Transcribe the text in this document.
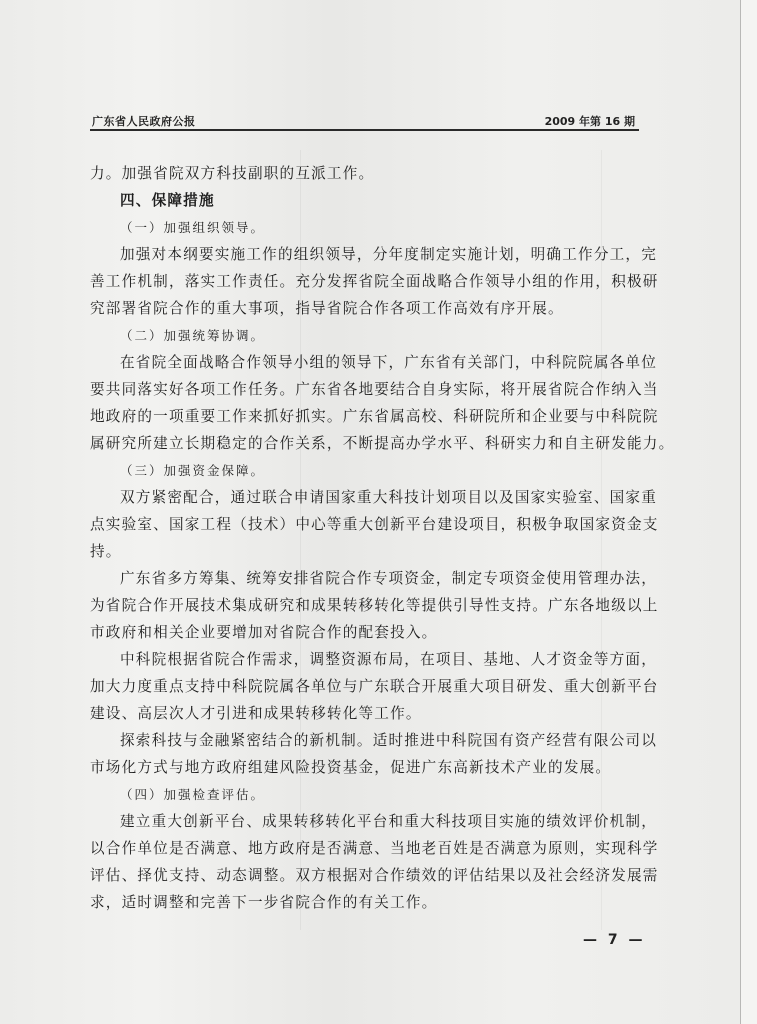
广东省人民政府公报	2009 年第 16 期
力。加强省院双方科技副职的互派工作。
四、保障措施
（一）加强组织领导。
加强对本纲要实施工作的组织领导，分年度制定实施计划，明确工作分工，完
善工作机制，落实工作责任。充分发挥省院全面战略合作领导小组的作用，积极研
究部署省院合作的重大事项，指导省院合作各项工作高效有序开展。
（二）加强统筹协调。
在省院全面战略合作领导小组的领导下，广东省有关部门，中科院院属各单位
要共同落实好各项工作任务。广东省各地要结合自身实际，将开展省院合作纳入当
地政府的一项重要工作来抓好抓实。广东省属高校、科研院所和企业要与中科院院
属研究所建立长期稳定的合作关系，不断提高办学水平、科研实力和自主研发能力。
（三）加强资金保障。
双方紧密配合，通过联合申请国家重大科技计划项目以及国家实验室、国家重
点实验室、国家工程（技术）中心等重大创新平台建设项目，积极争取国家资金支
持。
广东省多方筹集、统筹安排省院合作专项资金，制定专项资金使用管理办法，
为省院合作开展技术集成研究和成果转移转化等提供引导性支持。广东各地级以上
市政府和相关企业要增加对省院合作的配套投入。
中科院根据省院合作需求，调整资源布局，在项目、基地、人才资金等方面，
加大力度重点支持中科院院属各单位与广东联合开展重大项目研发、重大创新平台
建设、高层次人才引进和成果转移转化等工作。
探索科技与金融紧密结合的新机制。适时推进中科院国有资产经营有限公司以
市场化方式与地方政府组建风险投资基金，促进广东高新技术产业的发展。
（四）加强检查评估。
建立重大创新平台、成果转移转化平台和重大科技项目实施的绩效评价机制，
以合作单位是否满意、地方政府是否满意、当地老百姓是否满意为原则，实现科学
评估、择优支持、动态调整。双方根据对合作绩效的评估结果以及社会经济发展需
求，适时调整和完善下一步省院合作的有关工作。
— 7 —
